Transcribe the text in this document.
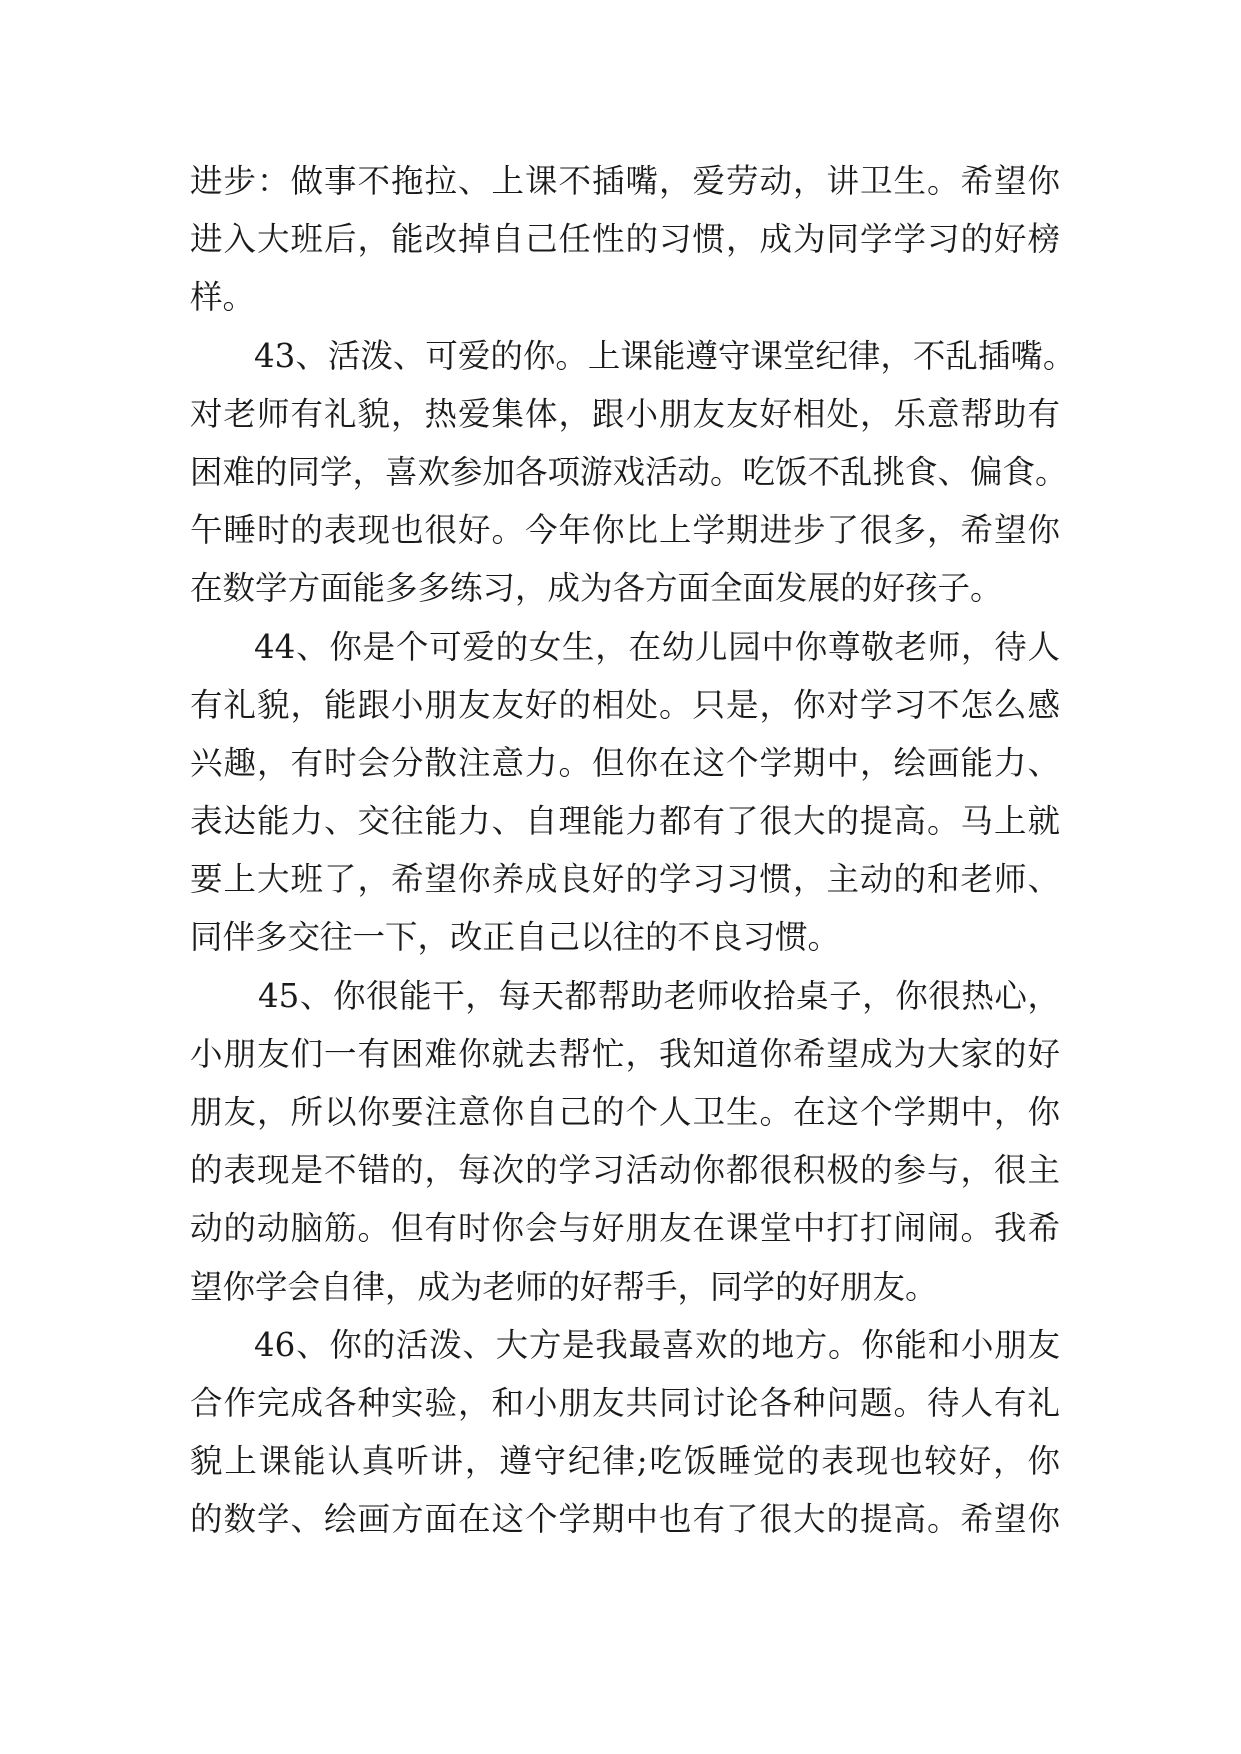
进步：做事不拖拉、上课不插嘴，爱劳动，讲卫生。希望你
进入大班后，能改掉自己任性的习惯，成为同学学习的好榜
样。
43、活泼、可爱的你。上课能遵守课堂纪律，不乱插嘴。
对老师有礼貌，热爱集体，跟小朋友友好相处，乐意帮助有
困难的同学，喜欢参加各项游戏活动。吃饭不乱挑食、偏食。
午睡时的表现也很好。今年你比上学期进步了很多，希望你
在数学方面能多多练习，成为各方面全面发展的好孩子。
44、你是个可爱的女生，在幼儿园中你尊敬老师，待人
有礼貌，能跟小朋友友好的相处。只是，你对学习不怎么感
兴趣，有时会分散注意力。但你在这个学期中，绘画能力、
表达能力、交往能力、自理能力都有了很大的提高。马上就
要上大班了，希望你养成良好的学习习惯，主动的和老师、
同伴多交往一下，改正自己以往的不良习惯。
45、你很能干，每天都帮助老师收拾桌子，你很热心，
小朋友们一有困难你就去帮忙，我知道你希望成为大家的好
朋友，所以你要注意你自己的个人卫生。在这个学期中，你
的表现是不错的，每次的学习活动你都很积极的参与，很主
动的动脑筋。但有时你会与好朋友在课堂中打打闹闹。我希
望你学会自律，成为老师的好帮手，同学的好朋友。
46、你的活泼、大方是我最喜欢的地方。你能和小朋友
合作完成各种实验，和小朋友共同讨论各种问题。待人有礼
貌上课能认真听讲，遵守纪律;吃饭睡觉的表现也较好，你
的数学、绘画方面在这个学期中也有了很大的提高。希望你
